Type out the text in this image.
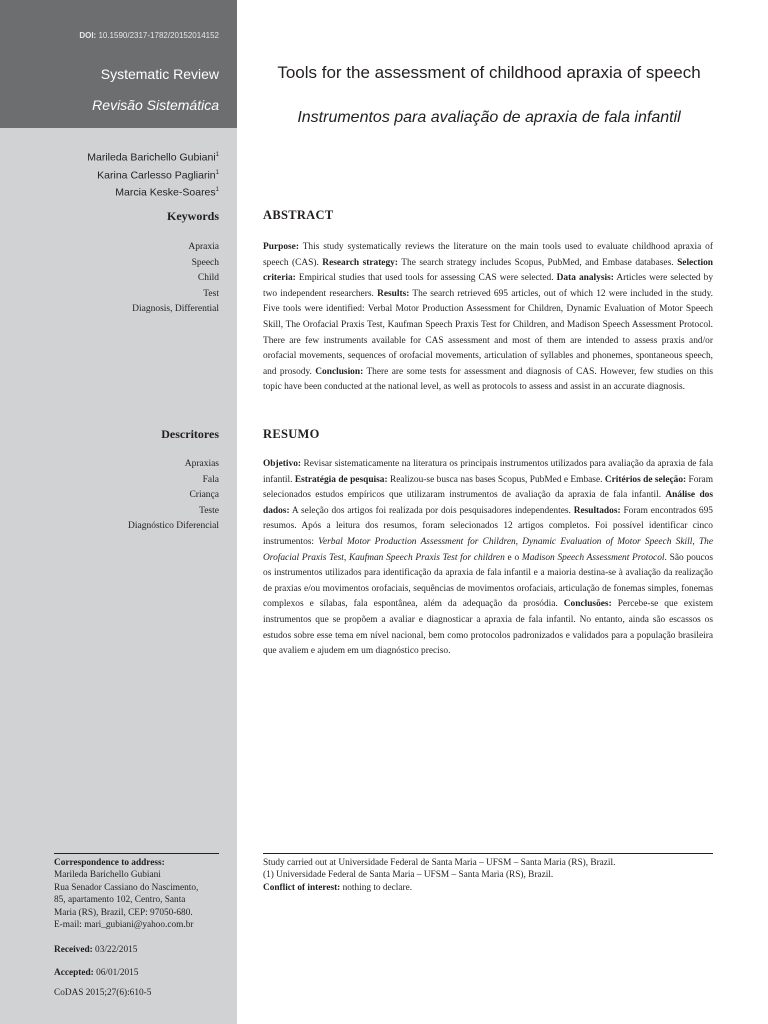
DOI: 10.1590/2317-1782/20152014152
Systematic Review
Revisão Sistemática
Marileda Barichello Gubiani$^1$
Karina Carlesso Pagliarin$^1$
Marcia Keske-Soares$^1$
Keywords
Apraxia
Speech
Child
Test
Diagnosis, Differential
Descritores
Apraxias
Fala
Criança
Teste
Diagnóstico Diferencial
Correspondence to address:
Marileda Barichello Gubiani
Rua Senador Cassiano do Nascimento,
85, apartamento 102, Centro, Santa
Maria (RS), Brazil, CEP: 97050-680.
E-mail: mari_gubiani@yahoo.com.br
Received: 03/22/2015
Accepted: 06/01/2015
CoDAS 2015;27(6):610-5
Tools for the assessment of childhood apraxia of speech
Instrumentos para avaliação de apraxia de fala infantil
ABSTRACT
Purpose: This study systematically reviews the literature on the main tools used to evaluate childhood apraxia of speech (CAS). Research strategy: The search strategy includes Scopus, PubMed, and Embase databases. Selection criteria: Empirical studies that used tools for assessing CAS were selected. Data analysis: Articles were selected by two independent researchers. Results: The search retrieved 695 articles, out of which 12 were included in the study. Five tools were identified: Verbal Motor Production Assessment for Children, Dynamic Evaluation of Motor Speech Skill, The Orofacial Praxis Test, Kaufman Speech Praxis Test for Children, and Madison Speech Assessment Protocol. There are few instruments available for CAS assessment and most of them are intended to assess praxis and/or orofacial movements, sequences of orofacial movements, articulation of syllables and phonemes, spontaneous speech, and prosody. Conclusion: There are some tests for assessment and diagnosis of CAS. However, few studies on this topic have been conducted at the national level, as well as protocols to assess and assist in an accurate diagnosis.
RESUMO
Objetivo: Revisar sistematicamente na literatura os principais instrumentos utilizados para avaliação da apraxia de fala infantil. Estratégia de pesquisa: Realizou-se busca nas bases Scopus, PubMed e Embase. Critérios de seleção: Foram selecionados estudos empíricos que utilizaram instrumentos de avaliação da apraxia de fala infantil. Análise dos dados: A seleção dos artigos foi realizada por dois pesquisadores independentes. Resultados: Foram encontrados 695 resumos. Após a leitura dos resumos, foram selecionados 12 artigos completos. Foi possível identificar cinco instrumentos: Verbal Motor Production Assessment for Children, Dynamic Evaluation of Motor Speech Skill, The Orofacial Praxis Test, Kaufman Speech Praxis Test for children e o Madison Speech Assessment Protocol. São poucos os instrumentos utilizados para identificação da apraxia de fala infantil e a maioria destina-se à avaliação da realização de praxias e/ou movimentos orofaciais, sequências de movimentos orofaciais, articulação de fonemas simples, fonemas complexos e sílabas, fala espontânea, além da adequação da prosódia. Conclusões: Percebe-se que existem instrumentos que se propõem a avaliar e diagnosticar a apraxia de fala infantil. No entanto, ainda são escassos os estudos sobre esse tema em nível nacional, bem como protocolos padronizados e validados para a população brasileira que avaliem e ajudem em um diagnóstico preciso.
Study carried out at Universidade Federal de Santa Maria – UFSM – Santa Maria (RS), Brazil.
(1) Universidade Federal de Santa Maria – UFSM – Santa Maria (RS), Brazil.
Conflict of interest: nothing to declare.
